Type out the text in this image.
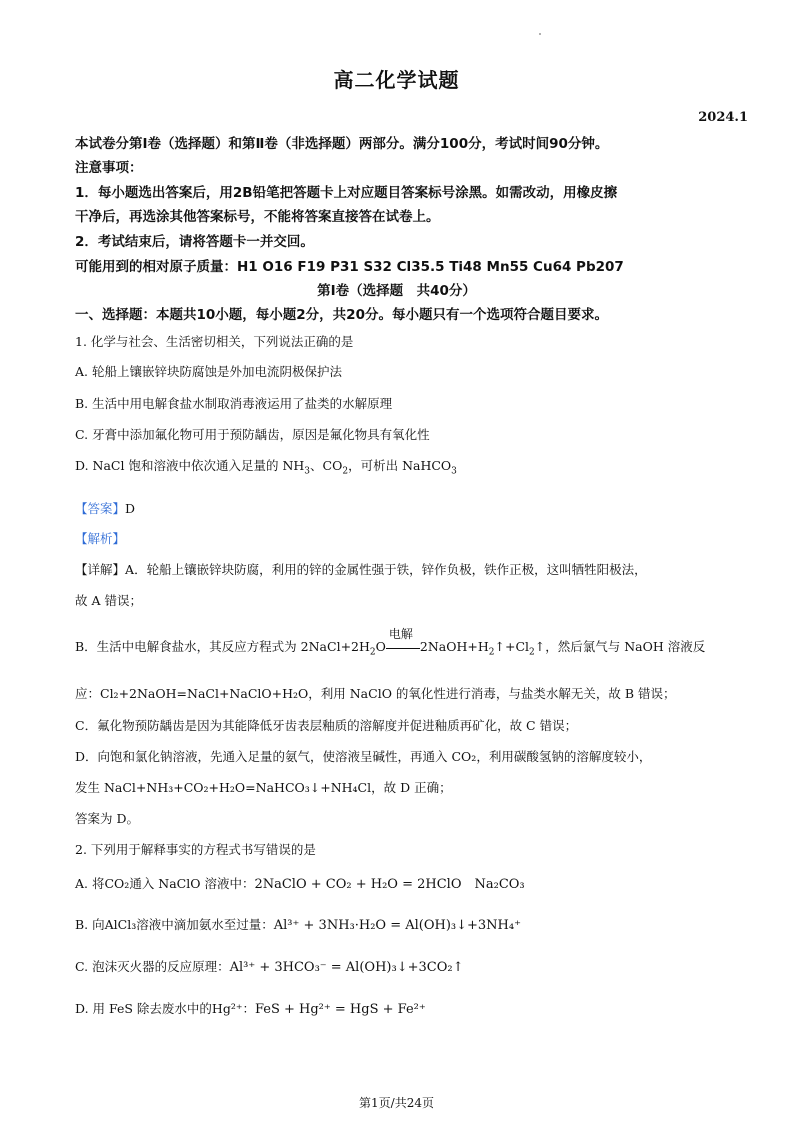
高二化学试题
2024.1
本试卷分第Ⅰ卷（选择题）和第Ⅱ卷（非选择题）两部分。满分100分，考试时间90分钟。
注意事项：
1．每小题选出答案后，用2B铅笔把答题卡上对应题目答案标号涂黑。如需改动，用橡皮擦
干净后，再选涂其他答案标号，不能将答案直接答在试卷上。
2．考试结束后，请将答题卡一并交回。
可能用到的相对原子质量：H1 O16 F19 P31 S32 Cl35.5 Ti48 Mn55 Cu64 Pb207
第Ⅰ卷（选择题　共40分）
一、选择题：本题共10小题，每小题2分，共20分。每小题只有一个选项符合题目要求。
1. 化学与社会、生活密切相关，下列说法正确的是
A. 轮船上镶嵌锌块防腐蚀是外加电流阴极保护法
B. 生活中用电解食盐水制取消毒液运用了盐类的水解原理
C. 牙膏中添加氟化物可用于预防龋齿，原因是氟化物具有氧化性
D. NaCl 饱和溶液中依次通入足量的 $NH_3$、$CO_2$，可析出 NaHCO$_3$
【答案】D
【解析】
【详解】A．轮船上镶嵌锌块防腐，利用的锌的金属性强于铁，锌作负极，铁作正极，这叫牺牲阳极法，
故 A 错误；
B．生活中电解食盐水，其反应方程式为 $2NaCl+2H_2O$
电解
$2NaOH+H_2↑+Cl_2↑$，然后氯气与 NaOH 溶液反
应：Cl₂+2NaOH=NaCl+NaClO+H₂O，利用 NaClO 的氧化性进行消毒，与盐类水解无关，故 B 错误；
C．氟化物预防龋齿是因为其能降低牙齿表层釉质的溶解度并促进釉质再矿化，故 C 错误；
D．向饱和氯化钠溶液，先通入足量的氨气，使溶液呈碱性，再通入 CO₂，利用碳酸氢钠的溶解度较小，
发生 NaCl+NH₃+CO₂+H₂O=NaHCO₃↓+NH₄Cl，故 D 正确；
答案为 D。
2. 下列用于解释事实的方程式书写错误的是
A. 将CO₂通入 NaClO 溶液中：2NaClO + CO₂ + H₂O = 2HClO　Na₂CO₃
B. 向AlCl₃溶液中滴加氨水至过量：Al³⁺ + 3NH₃·H₂O = Al(OH)₃↓+3NH₄⁺
C. 泡沫灭火器的反应原理：Al³⁺ + 3HCO₃⁻ = Al(OH)₃↓+3CO₂↑
D. 用 FeS 除去废水中的Hg²⁺：FeS + Hg²⁺ = HgS + Fe²⁺
第1页/共24页
